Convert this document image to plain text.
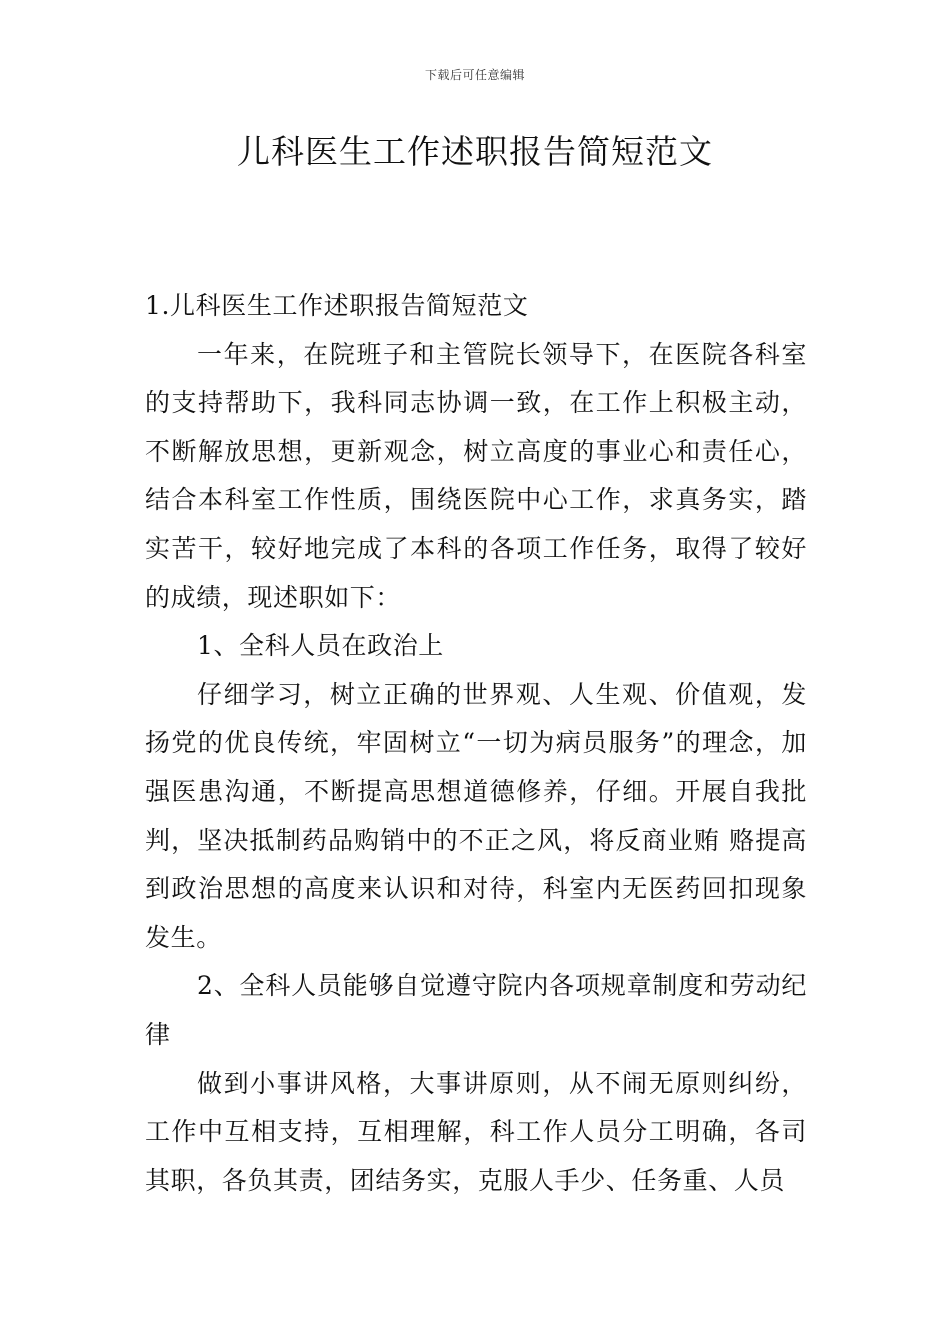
下载后可任意编辑
儿科医生工作述职报告简短范文

1.儿科医生工作述职报告简短范文

一年来，在院班子和主管院长领导下，在医院各科室的支持帮助下，我科同志协调一致，在工作上积极主动，不断解放思想，更新观念，树立高度的事业心和责任心，结合本科室工作性质，围绕医院中心工作，求真务实，踏实苦干，较好地完成了本科的各项工作任务，取得了较好的成绩，现述职如下：

1、全科人员在政治上

仔细学习，树立正确的世界观、人生观、价值观，发扬党的优良传统，牢固树立“一切为病员服务”的理念，加强医患沟通，不断提高思想道德修养，仔细。开展自我批判，坚决抵制药品购销中的不正之风，将反商业贿 赂提高到政治思想的高度来认识和对待，科室内无医药回扣现象发生。

2、全科人员能够自觉遵守院内各项规章制度和劳动纪律

做到小事讲风格，大事讲原则，从不闹无原则纠纷，工作中互相支持，互相理解，科工作人员分工明确，各司其职，各负其责，团结务实，克服人手少、任务重、人员
